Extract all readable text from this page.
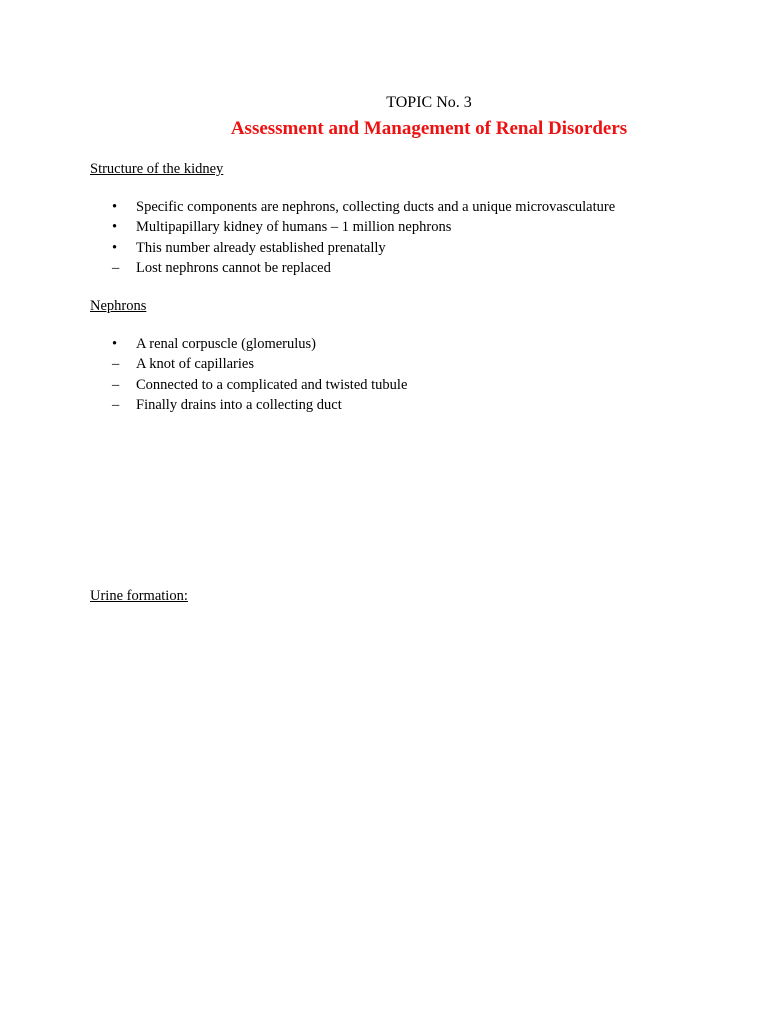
TOPIC No. 3
Assessment and Management of Renal Disorders
Structure of the kidney
• Specific components are nephrons, collecting ducts and a unique microvasculature
• Multipapillary kidney of humans – 1 million nephrons
• This number already established prenatally
– Lost nephrons cannot be replaced
Nephrons
• A renal corpuscle (glomerulus)
– A knot of capillaries
– Connected to a complicated and twisted tubule
– Finally drains into a collecting duct
Urine formation:
